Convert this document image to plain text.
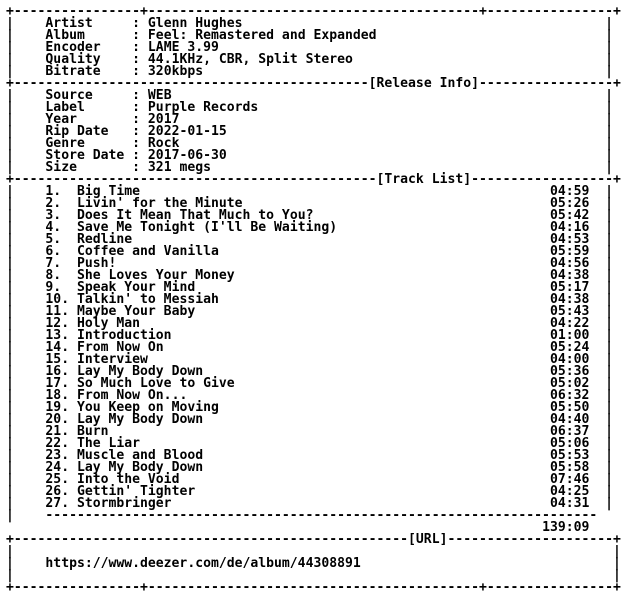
+----------------+------------------------------------------+----------------+
|    Artist     : Glenn Hughes                                              |
|    Album      : Feel: Remastered and Expanded                             |
|    Encoder    : LAME 3.99                                                 |
|    Quality    : 44.1KHz, CBR, Split Stereo                                |
|    Bitrate    : 320kbps                                                   |
+---------------------------------------------[Release Info]-----------------+
|    Source     : WEB                                                       |
|    Label      : Purple Records                                            |
|    Year       : 2017                                                      |
|    Rip Date   : 2022-01-15                                                |
|    Genre      : Rock                                                      |
|    Store Date : 2017-06-30                                                |
|    Size       : 321 megs                                                  |
+----------------------------------------------[Track List]------------------+
|    1.  Big Time	04:59  |
|    2.  Livin' for the Minute	05:26  |
|    3.  Does It Mean That Much to You?	05:42  |
|    4.  Save Me Tonight (I'll Be Waiting)	04:16  |
|    5.  Redline	04:53  |
|    6.  Coffee and Vanilla	05:59  |
|    7.  Push!	04:56  |
|    8.  She Loves Your Money	04:38  |
|    9.  Speak Your Mind	05:17  |
|    10. Talkin' to Messiah	04:38  |
|    11. Maybe Your Baby	05:43  |
|    12. Holy Man	04:22  |
|    13. Introduction	01:00  |
|    14. From Now On	05:24  |
|    15. Interview	04:00  |
|    16. Lay My Body Down	05:36  |
|    17. So Much Love to Give	05:02  |
|    18. From Now On...	06:32  |
|    19. You Keep on Moving	05:50  |
|    20. Lay My Body Down	04:40  |
|    21. Burn	06:37  |
|    22. The Liar	05:06  |
|    23. Muscle and Blood	05:53  |
|    24. Lay My Body Down	05:58  |
|    25. Into the Void	07:46  |
|    26. Gettin' Tighter	04:25  |
|    27. Stormbringer	04:31  |
|    ----------------------------------------------------------------------
139:09
+--------------------------------------------------[URL]---------------------+
|                                                                            |
|    https://www.deezer.com/de/album/44308891                                |
|                                                                            |
+----------------+------------------------------------------+----------------+
